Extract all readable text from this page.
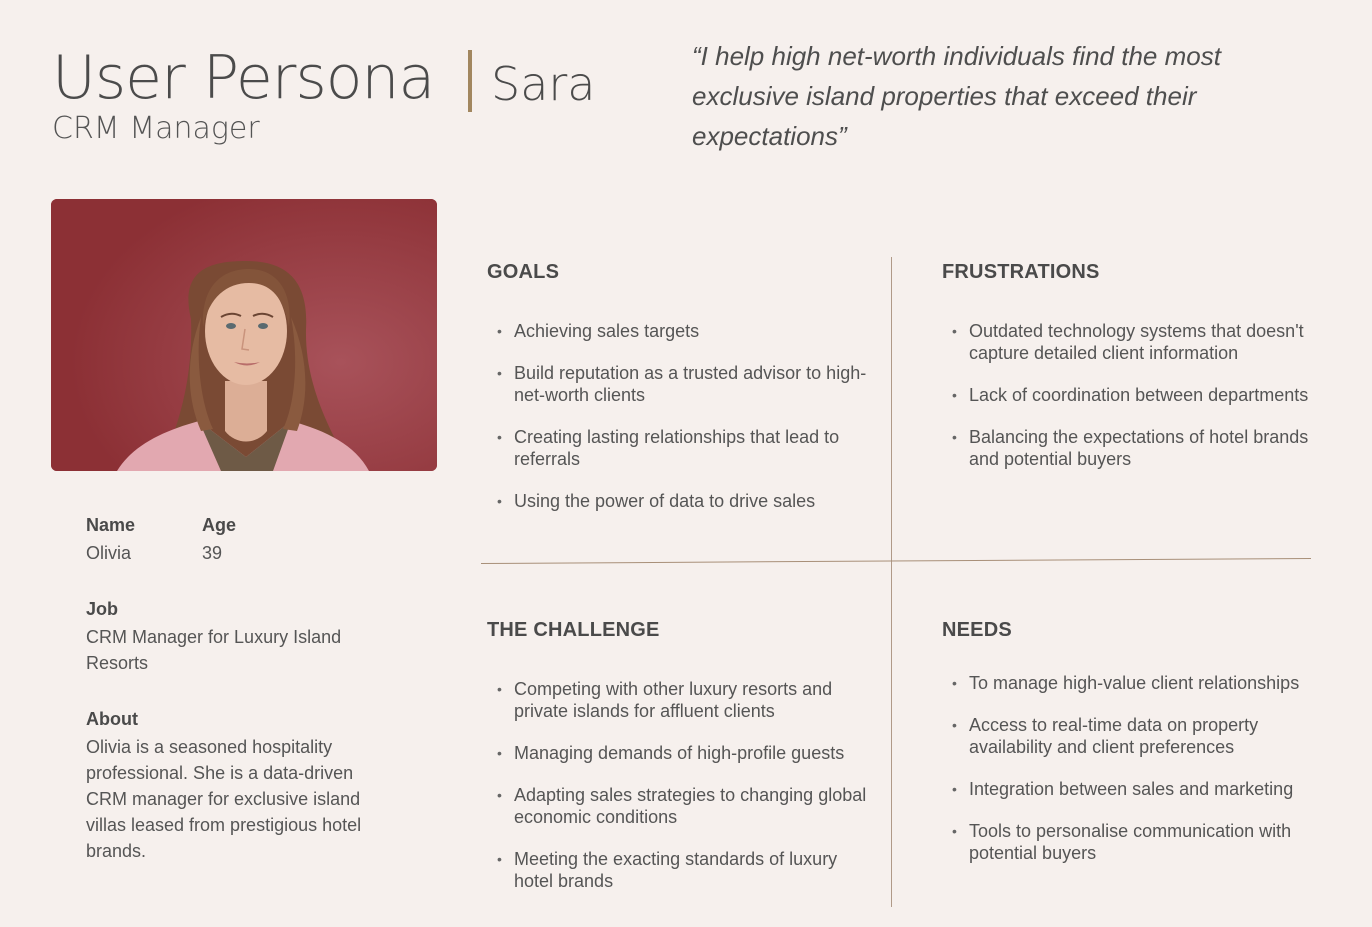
User Persona Sara
CRM Manager
“I help high net-worth individuals find the most exclusive island properties that exceed their expectations”
Name
Olivia
Age
39
Job
CRM Manager for Luxury Island Resorts
About
Olivia is a seasoned hospitality professional. She is a data-driven CRM manager for exclusive island villas leased from prestigious hotel brands.
GOALS
• Achieving sales targets
• Build reputation as a trusted advisor to high-net-worth clients
• Creating lasting relationships that lead to referrals
• Using the power of data to drive sales
FRUSTRATIONS
• Outdated technology systems that doesn't capture detailed client information
• Lack of coordination between departments
• Balancing the expectations of hotel brands and potential buyers
THE CHALLENGE
• Competing with other luxury resorts and private islands for affluent clients
• Managing demands of high-profile guests
• Adapting sales strategies to changing global economic conditions
• Meeting the exacting standards of luxury hotel brands
NEEDS
• To manage high-value client relationships
• Access to real-time data on property availability and client preferences
• Integration between sales and marketing
• Tools to personalise communication with potential buyers
